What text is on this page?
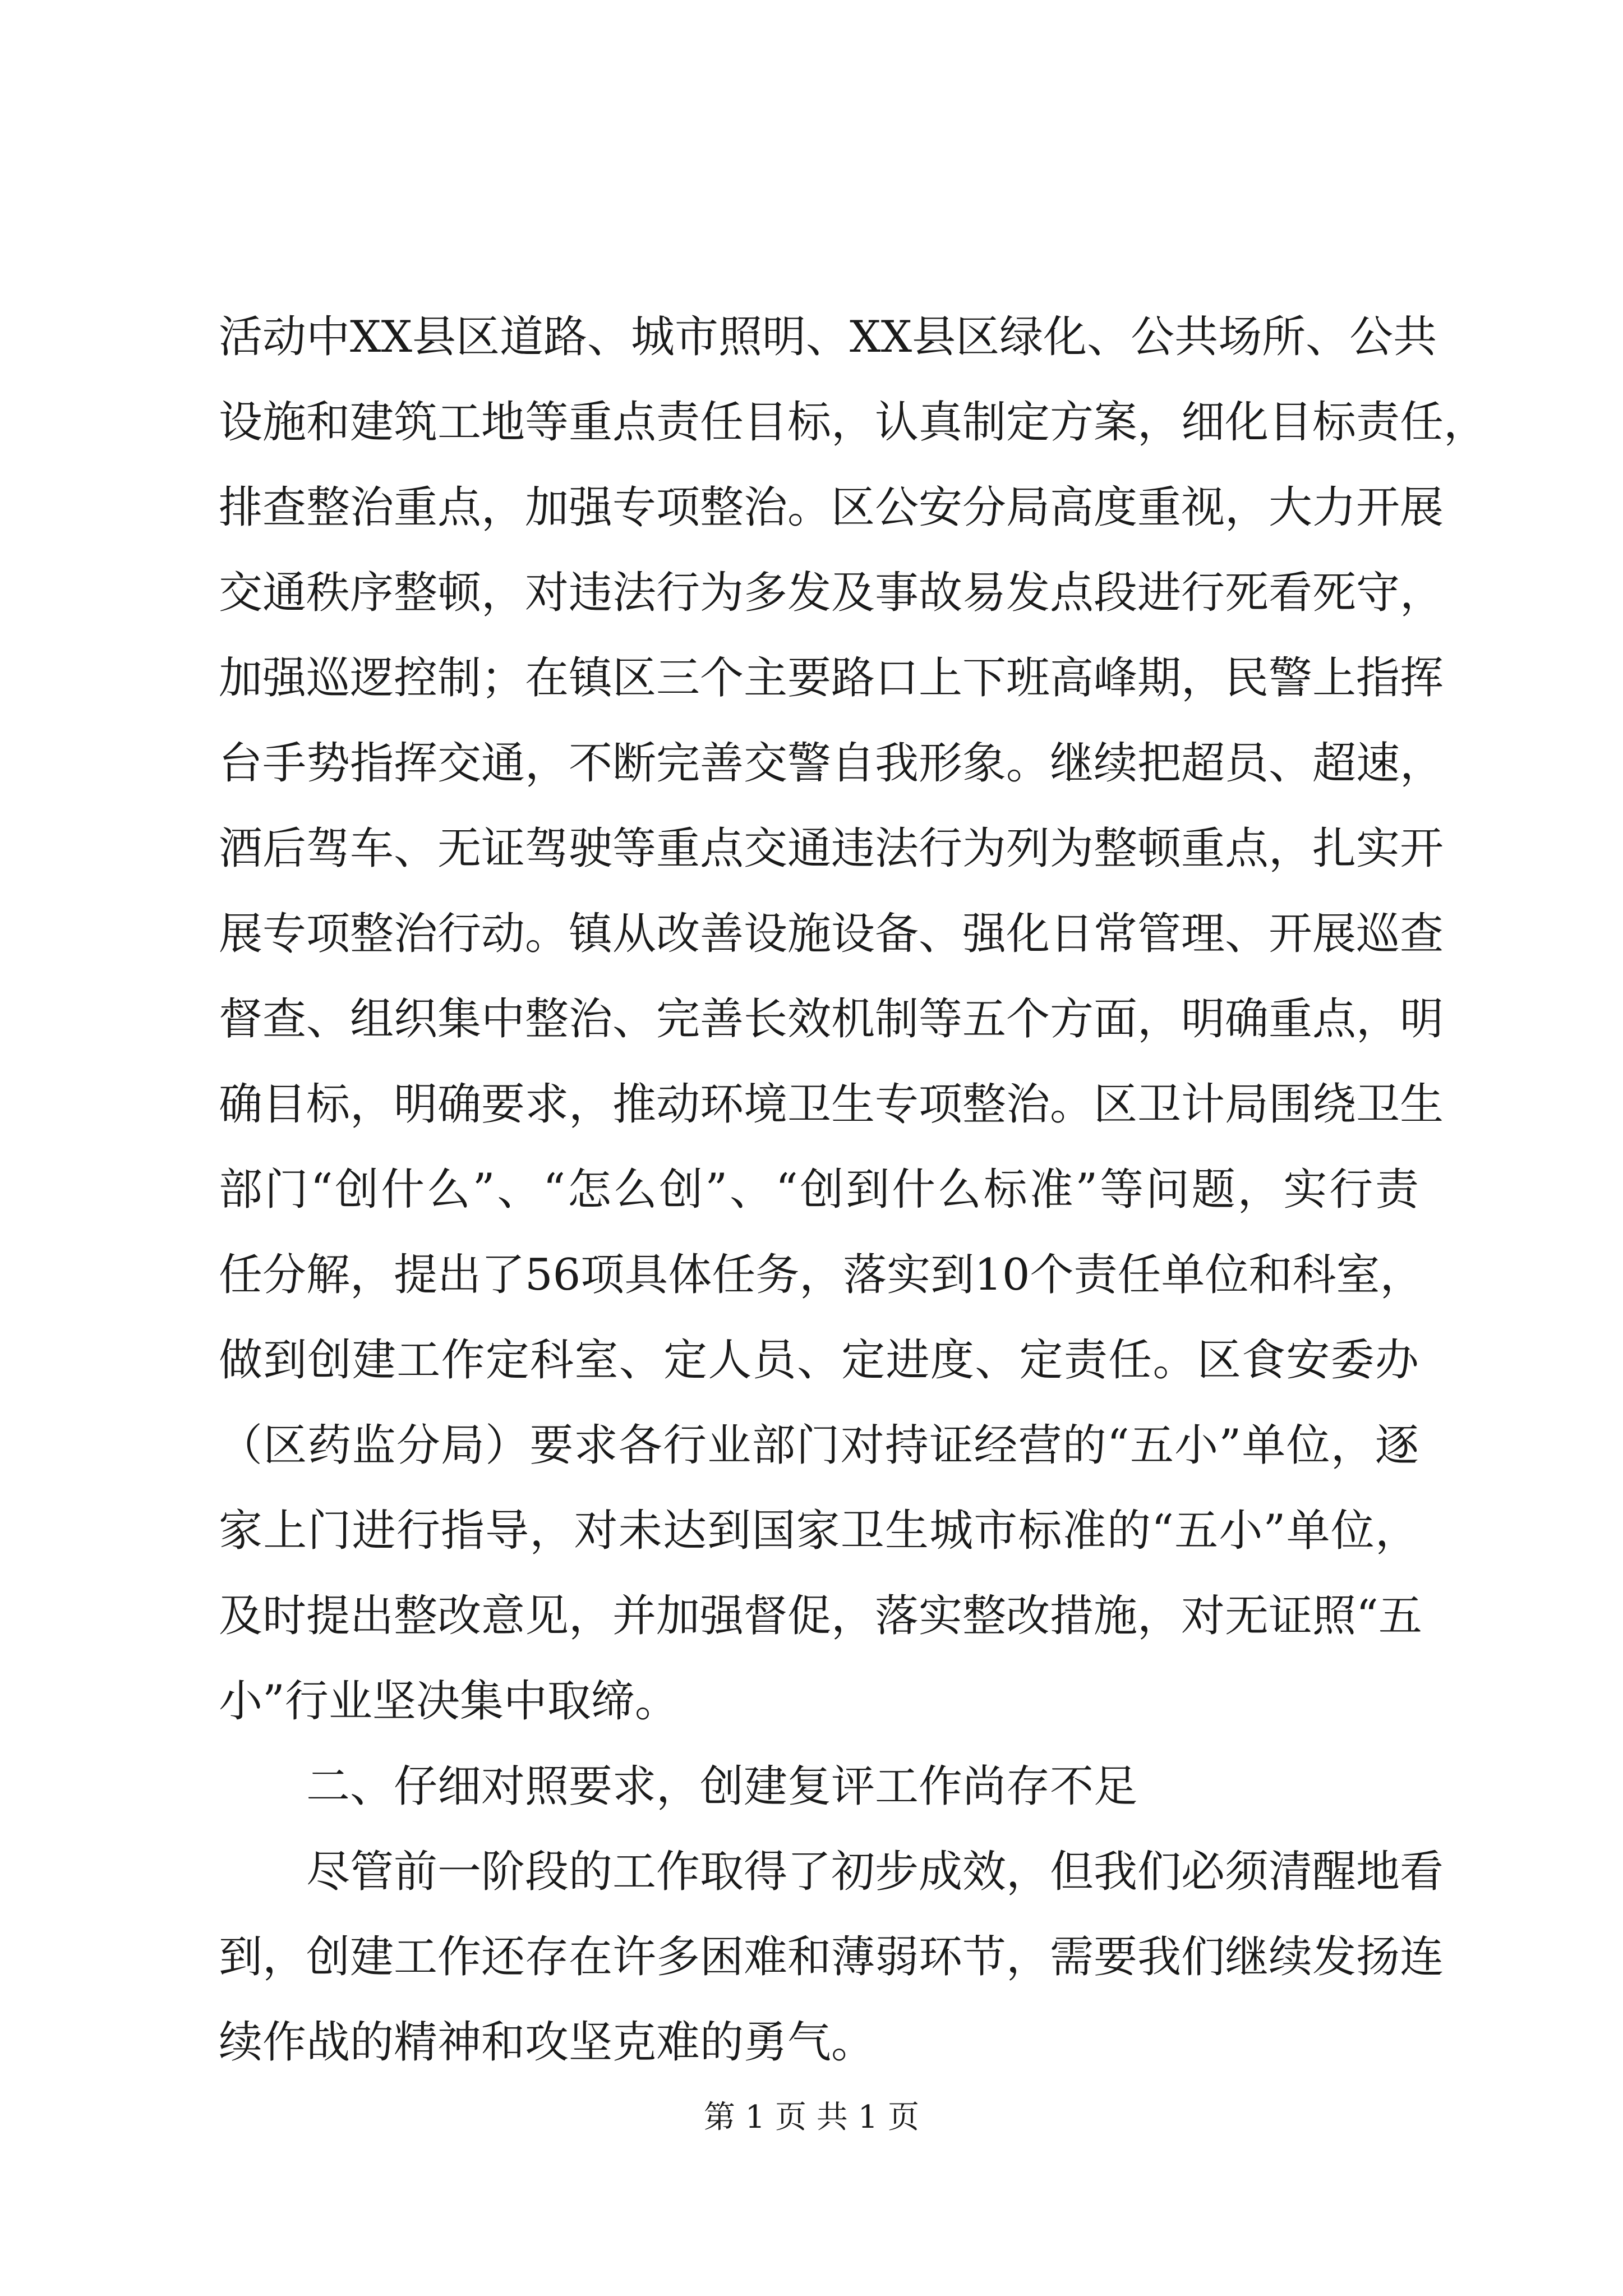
活动中XX县区道路、城市照明、XX县区绿化、公共场所、公共
设施和建筑工地等重点责任目标，认真制定方案，细化目标责任，
排查整治重点，加强专项整治。区公安分局高度重视，大力开展
交通秩序整顿，对违法行为多发及事故易发点段进行死看死守，
加强巡逻控制；在镇区三个主要路口上下班高峰期，民警上指挥
台手势指挥交通，不断完善交警自我形象。继续把超员、超速，
酒后驾车、无证驾驶等重点交通违法行为列为整顿重点，扎实开
展专项整治行动。镇从改善设施设备、强化日常管理、开展巡查
督查、组织集中整治、完善长效机制等五个方面，明确重点，明
确目标，明确要求，推动环境卫生专项整治。区卫计局围绕卫生
部门“创什么”、“怎么创”、“创到什么标准”等问题，实行责
任分解，提出了56项具体任务，落实到10个责任单位和科室，
做到创建工作定科室、定人员、定进度、定责任。区食安委办
（区药监分局）要求各行业部门对持证经营的“五小”单位，逐
家上门进行指导，对未达到国家卫生城市标准的“五小”单位，
及时提出整改意见，并加强督促，落实整改措施，对无证照“五
小”行业坚决集中取缔。
二、仔细对照要求，创建复评工作尚存不足
尽管前一阶段的工作取得了初步成效，但我们必须清醒地看
到，创建工作还存在许多困难和薄弱环节，需要我们继续发扬连
续作战的精神和攻坚克难的勇气。
第 1 页 共 1 页
